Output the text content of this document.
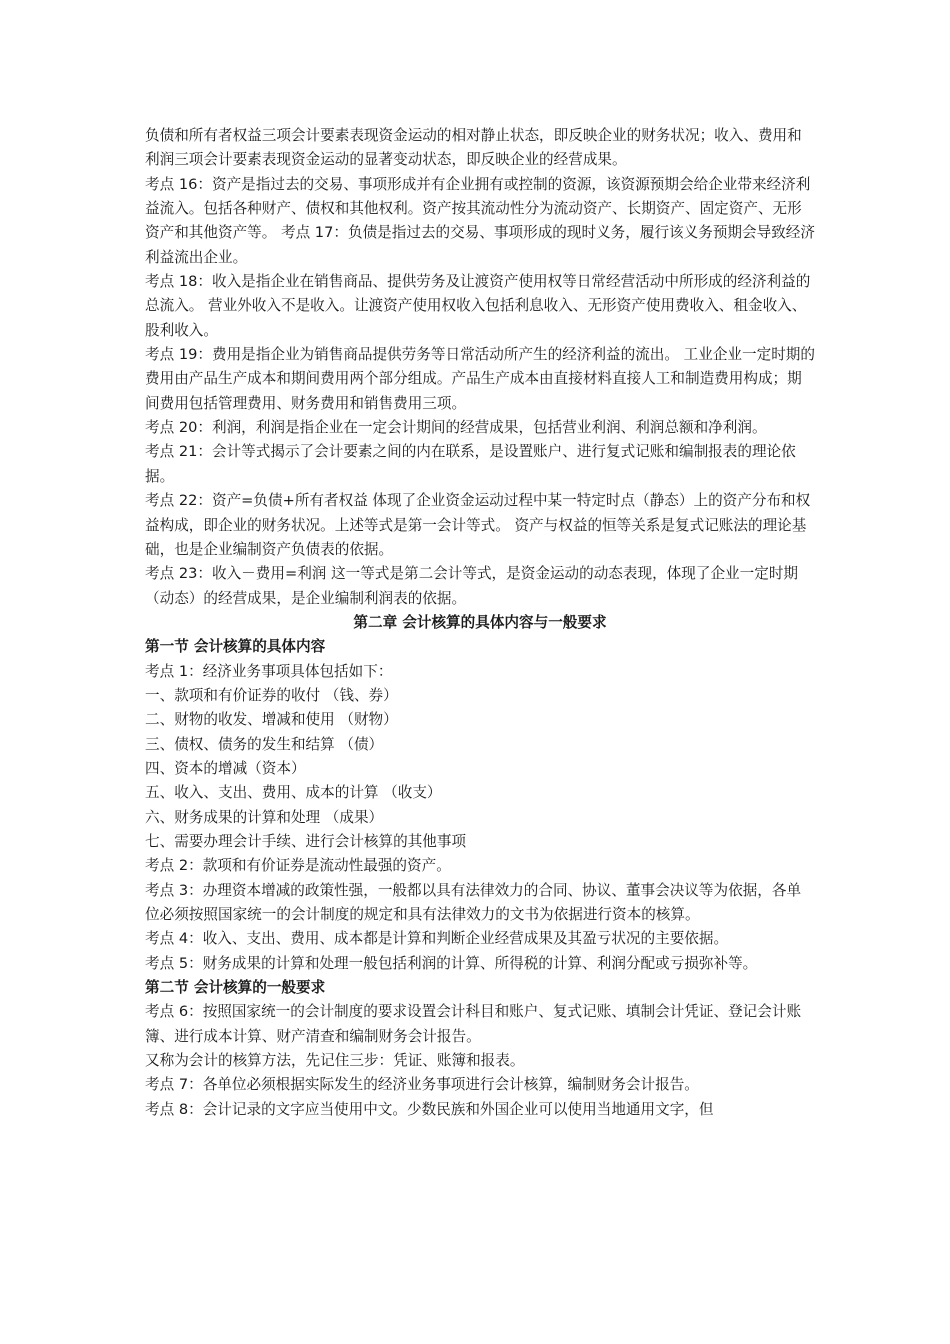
负债和所有者权益三项会计要素表现资金运动的相对静止状态，即反映企业的财务状况；收入、费用和利润三项会计要素表现资金运动的显著变动状态，即反映企业的经营成果。

考点 16：资产是指过去的交易、事项形成并有企业拥有或控制的资源，该资源预期会给企业带来经济利益流入。包括各种财产、债权和其他权利。资产按其流动性分为流动资产、长期资产、固定资产、无形资产和其他资产等。 考点 17：负债是指过去的交易、事项形成的现时义务，履行该义务预期会导致经济利益流出企业。

考点 18：收入是指企业在销售商品、提供劳务及让渡资产使用权等日常经营活动中所形成的经济利益的总流入。 营业外收入不是收入。让渡资产使用权收入包括利息收入、无形资产使用费收入、租金收入、股利收入。

考点 19：费用是指企业为销售商品提供劳务等日常活动所产生的经济利益的流出。 工业企业一定时期的费用由产品生产成本和期间费用两个部分组成。产品生产成本由直接材料直接人工和制造费用构成；期间费用包括管理费用、财务费用和销售费用三项。

考点 20：利润，利润是指企业在一定会计期间的经营成果，包括营业利润、利润总额和净利润。

考点 21：会计等式揭示了会计要素之间的内在联系，是设置账户、进行复式记账和编制报表的理论依据。

考点 22：资产=负债+所有者权益 体现了企业资金运动过程中某一特定时点（静态）上的资产分布和权益构成，即企业的财务状况。上述等式是第一会计等式。 资产与权益的恒等关系是复式记账法的理论基础，也是企业编制资产负债表的依据。

考点 23：收入－费用=利润 这一等式是第二会计等式，是资金运动的动态表现，体现了企业一定时期（动态）的经营成果，是企业编制利润表的依据。

第二章 会计核算的具体内容与一般要求

第一节 会计核算的具体内容

考点 1：经济业务事项具体包括如下：

一、款项和有价证券的收付 （钱、券）

二、财物的收发、增减和使用 （财物）

三、债权、债务的发生和结算 （债）

四、资本的增减（资本）

五、收入、支出、费用、成本的计算 （收支）

六、财务成果的计算和处理 （成果）

七、需要办理会计手续、进行会计核算的其他事项

考点 2：款项和有价证券是流动性最强的资产。

考点 3：办理资本增减的政策性强，一般都以具有法律效力的合同、协议、董事会决议等为依据，各单位必须按照国家统一的会计制度的规定和具有法律效力的文书为依据进行资本的核算。

考点 4：收入、支出、费用、成本都是计算和判断企业经营成果及其盈亏状况的主要依据。

考点 5：财务成果的计算和处理一般包括利润的计算、所得税的计算、利润分配或亏损弥补等。

第二节 会计核算的一般要求

考点 6：按照国家统一的会计制度的要求设置会计科目和账户、复式记账、填制会计凭证、登记会计账簿、进行成本计算、财产清查和编制财务会计报告。

又称为会计的核算方法，先记住三步：凭证、账簿和报表。

考点 7：各单位必须根据实际发生的经济业务事项进行会计核算，编制财务会计报告。

考点 8：会计记录的文字应当使用中文。少数民族和外国企业可以使用当地通用文字，但
